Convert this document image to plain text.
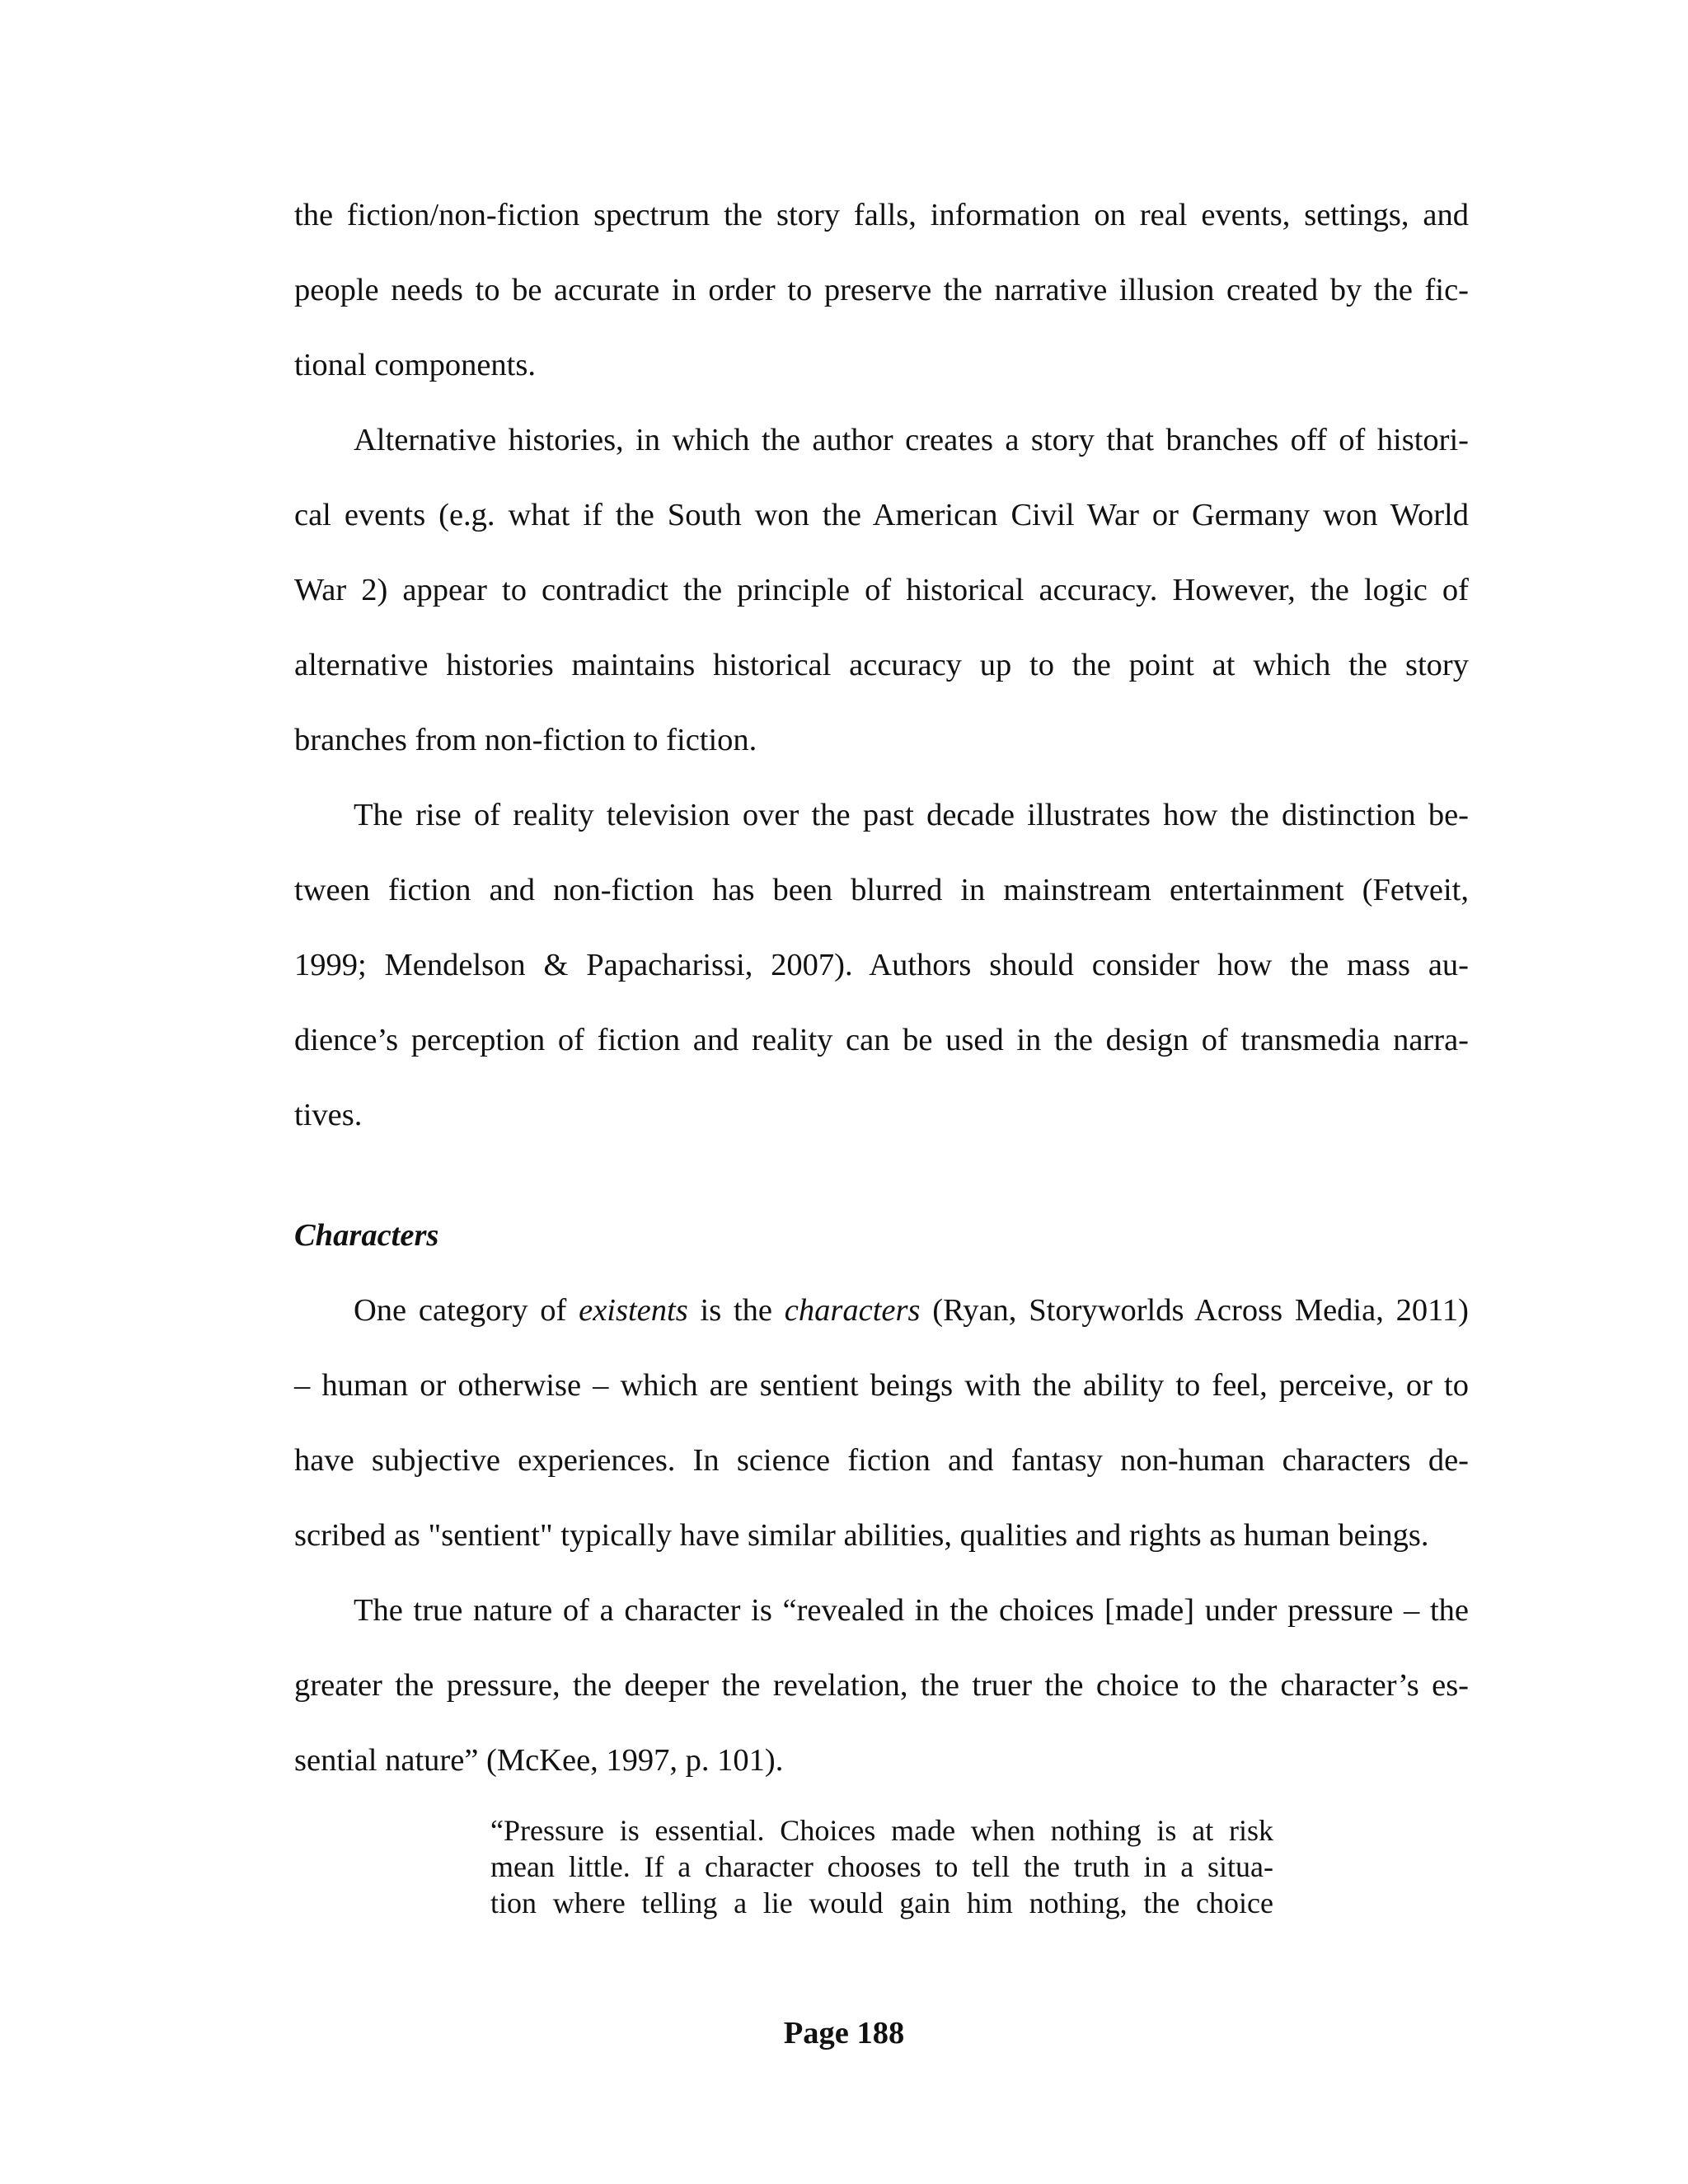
the fiction/non-fiction spectrum the story falls, information on real events, settings, and
people needs to be accurate in order to preserve the narrative illusion created by the fic-
tional components.
Alternative histories, in which the author creates a story that branches off of histori-
cal events (e.g. what if the South won the American Civil War or Germany won World
War 2) appear to contradict the principle of historical accuracy. However, the logic of
alternative histories maintains historical accuracy up to the point at which the story
branches from non-fiction to fiction.
The rise of reality television over the past decade illustrates how the distinction be-
tween fiction and non-fiction has been blurred in mainstream entertainment (Fetveit,
1999; Mendelson & Papacharissi, 2007). Authors should consider how the mass au-
dience’s perception of fiction and reality can be used in the design of transmedia narra-
tives.
Characters
One category of existents is the characters (Ryan, Storyworlds Across Media, 2011)
– human or otherwise – which are sentient beings with the ability to feel, perceive, or to
have subjective experiences. In science fiction and fantasy non-human characters de-
scribed as "sentient" typically have similar abilities, qualities and rights as human beings.
The true nature of a character is “revealed in the choices [made] under pressure – the
greater the pressure, the deeper the revelation, the truer the choice to the character’s es-
sential nature” (McKee, 1997, p. 101).
“Pressure is essential. Choices made when nothing is at risk
mean little. If a character chooses to tell the truth in a situa-
tion where telling a lie would gain him nothing, the choice
Page 188
